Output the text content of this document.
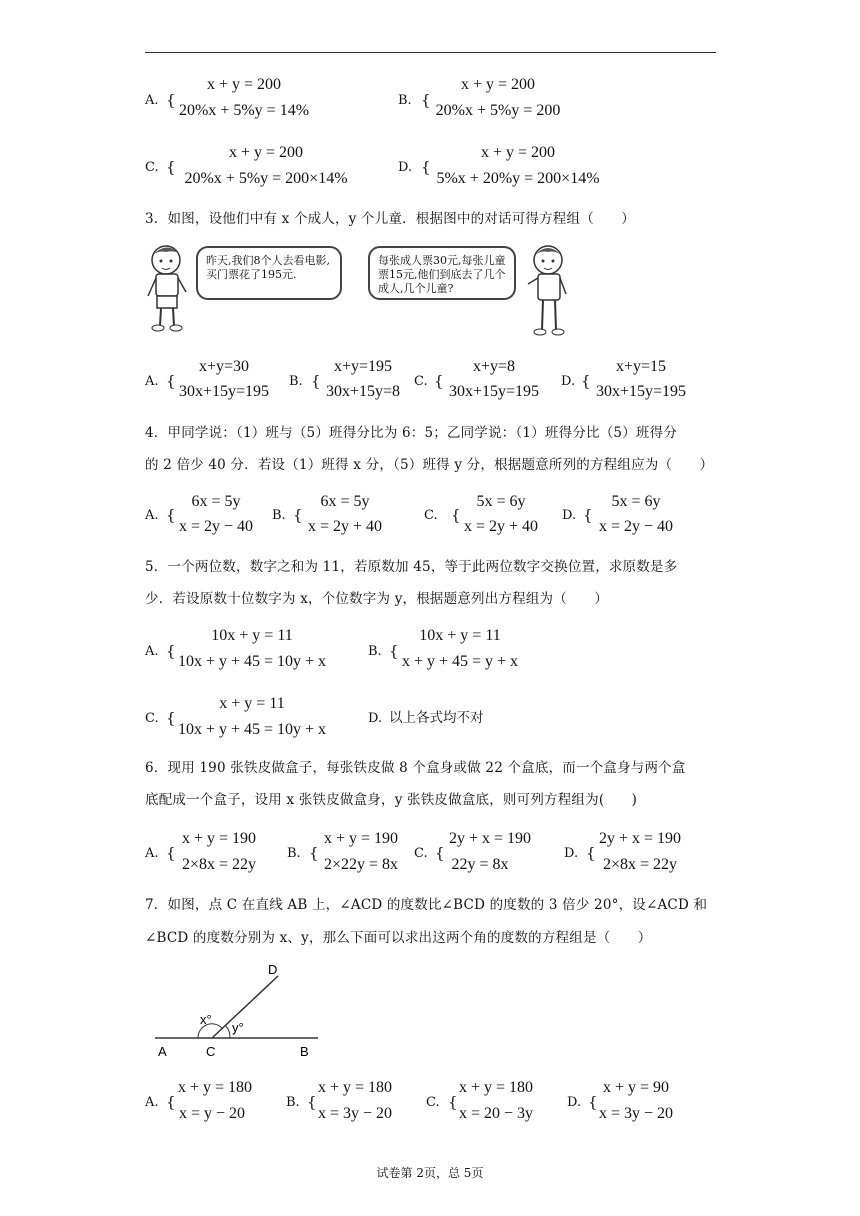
A. {
x + y = 200
20%x + 5%y = 14%
B. {
x + y = 200
20%x + 5%y = 200
C. {
x + y = 200
20%x + 5%y = 200×14%
D. {
x + y = 200
5%x + 20%y = 200×14%
3．如图，设他们中有 x 个成人，y 个儿童．根据图中的对话可得方程组（　　）
昨天,我们8个人去看电影,买门票花了195元.
每张成人票30元,每张儿童票15元,他们到底去了几个成人,几个儿童?
A. {
x+y=30
30x+15y=195
B. {
x+y=195
30x+15y=8
C. {
x+y=8
30x+15y=195
D. {
x+y=15
30x+15y=195
4．甲同学说：（1）班与（5）班得分比为 6：5；乙同学说：（1）班得分比（5）班得分
的 2 倍少 40 分．若设（1）班得 x 分，（5）班得 y 分，根据题意所列的方程组应为（　　）
A. {
6x = 5y
x = 2y − 40
B. {
6x = 5y
x = 2y + 40
C. {
5x = 6y
x = 2y + 40
D. {
5x = 6y
x = 2y − 40
5．一个两位数，数字之和为 11，若原数加 45，等于此两位数字交换位置，求原数是多
少．若设原数十位数字为 x，个位数字为 y，根据题意列出方程组为（　　）
A. {
10x + y = 11
10x + y + 45 = 10y + x
B. {
10x + y = 11
x + y + 45 = y + x
C. {
x + y = 11
10x + y + 45 = 10y + x
D. 以上各式均不对
6．现用 190 张铁皮做盒子，每张铁皮做 8 个盒身或做 22 个盒底，而一个盒身与两个盒
底配成一个盒子，设用 x 张铁皮做盒身，y 张铁皮做盒底，则可列方程组为(　　)
A. {
x + y = 190
2×8x = 22y
B. {
x + y = 190
2×22y = 8x
C. {
2y + x = 190
22y = 8x
D. {
2y + x = 190
2×8x = 22y
7．如图，点 C 在直线 AB 上，∠ACD 的度数比∠BCD 的度数的 3 倍少 20°，设∠ACD 和
∠BCD 的度数分别为 x、y，那么下面可以求出这两个角的度数的方程组是（　　）
D
x°
y°
A	C	B
A. {
x + y = 180
x = y − 20
B. {
x + y = 180
x = 3y − 20
C. {
x + y = 180
x = 20 − 3y
D. {
x + y = 90
x = 3y − 20
试卷第 2页，总 5页
